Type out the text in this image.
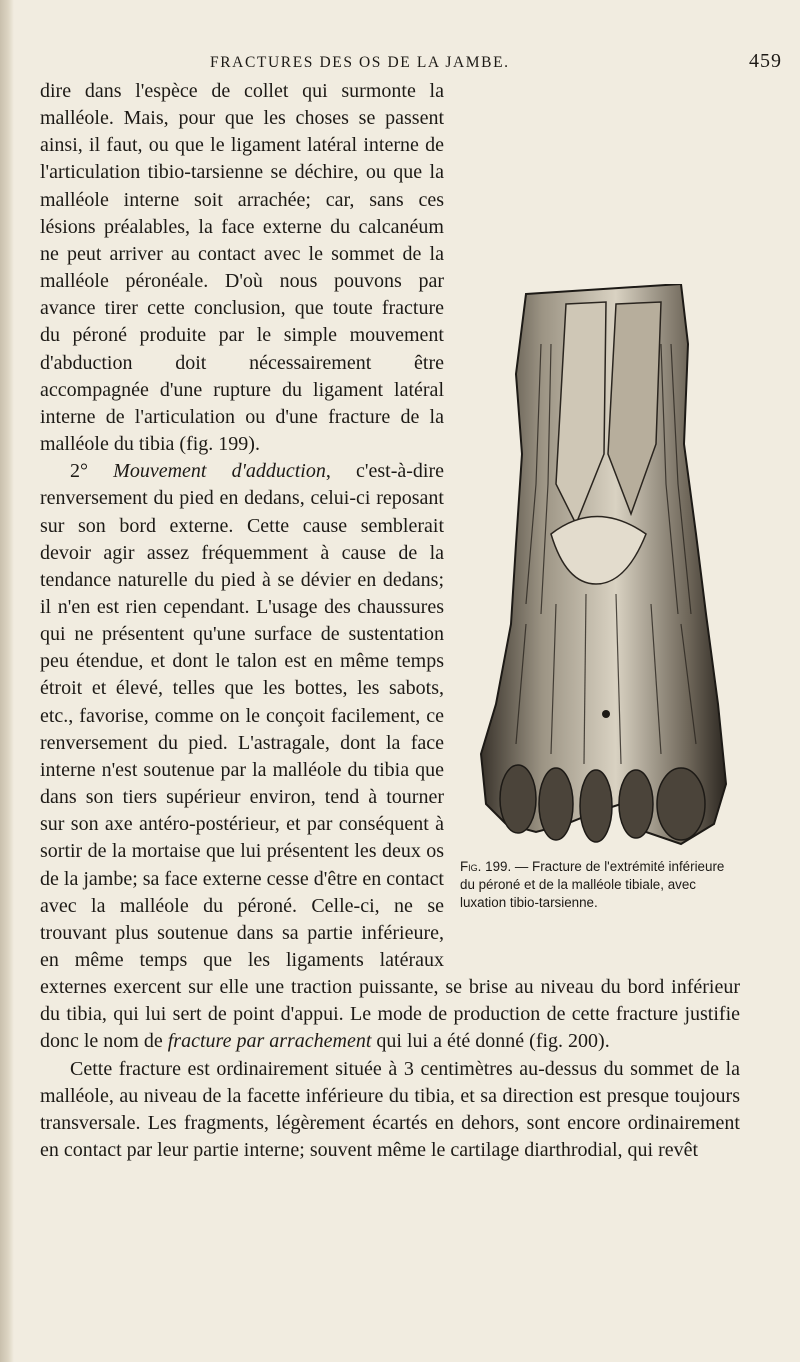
FRACTURES DES OS DE LA JAMBE.	459
Fig. 199. — Fracture de l'extrémité inférieure du péroné et de la malléole tibiale, avec luxation tibio-tarsienne.

dire dans l'espèce de collet qui surmonte la malléole. Mais, pour que les choses se passent ainsi, il faut, ou que le ligament latéral interne de l'articulation tibio-tarsienne se déchire, ou que la malléole interne soit arrachée; car, sans ces lésions préalables, la face externe du calcanéum ne peut arriver au contact avec le sommet de la malléole péronéale. D'où nous pouvons par avance tirer cette conclusion, que toute fracture du péroné produite par le simple mouvement d'abduction doit nécessairement être accompagnée d'une rupture du ligament latéral interne de l'articulation ou d'une fracture de la malléole du tibia (fig. 199).

2° Mouvement d'adduction, c'est-à-dire renversement du pied en dedans, celui-ci reposant sur son bord externe. Cette cause semblerait devoir agir assez fréquemment à cause de la tendance naturelle du pied à se dévier en dedans; il n'en est rien cependant. L'usage des chaussures qui ne présentent qu'une surface de sustentation peu étendue, et dont le talon est en même temps étroit et élevé, telles que les bottes, les sabots, etc., favorise, comme on le conçoit facilement, ce renversement du pied. L'astragale, dont la face interne n'est soutenue par la malléole du tibia que dans son tiers supérieur environ, tend à tourner sur son axe antéro-postérieur, et par conséquent à sortir de la mortaise que lui présentent les deux os de la jambe; sa face externe cesse d'être en contact avec la malléole du péroné. Celle-ci, ne se trouvant plus soutenue dans sa partie inférieure, en même temps que les ligaments latéraux externes exercent sur elle une traction puissante, se brise au niveau du bord inférieur du tibia, qui lui sert de point d'appui. Le mode de production de cette fracture justifie donc le nom de fracture par arrachement qui lui a été donné (fig. 200).

Cette fracture est ordinairement située à 3 centimètres au-dessus du sommet de la malléole, au niveau de la facette inférieure du tibia, et sa direction est presque toujours transversale. Les fragments, légèrement écartés en dehors, sont encore ordinairement en contact par leur partie interne; souvent même le cartilage diarthrodial, qui revêt
